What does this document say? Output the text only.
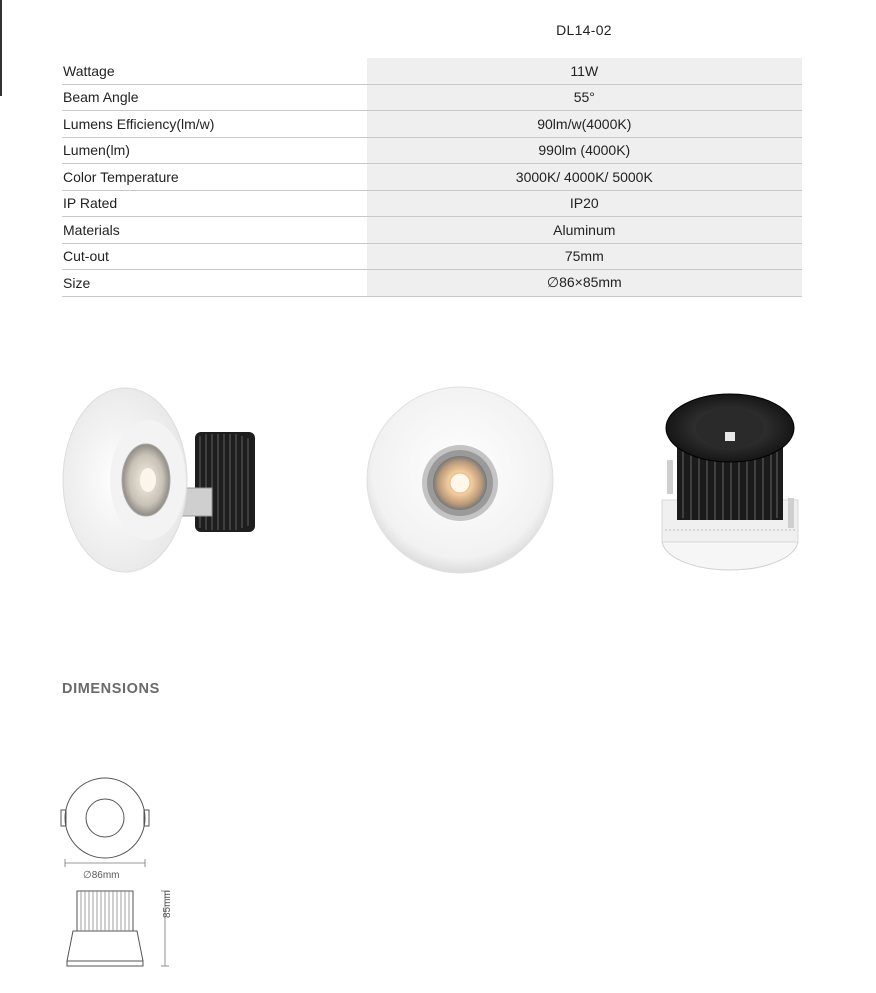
DL14-02
Wattage	11W
Beam Angle	55°
Lumens Efficiency(lm/w)	90lm/w(4000K)
Lumen(lm)	990lm (4000K)
Color Temperature	3000K/ 4000K/ 5000K
IP Rated	IP20
Materials	Aluminum
Cut-out	75mm
Size	∅86×85mm
DIMENSIONS
∅86mm
85mm
